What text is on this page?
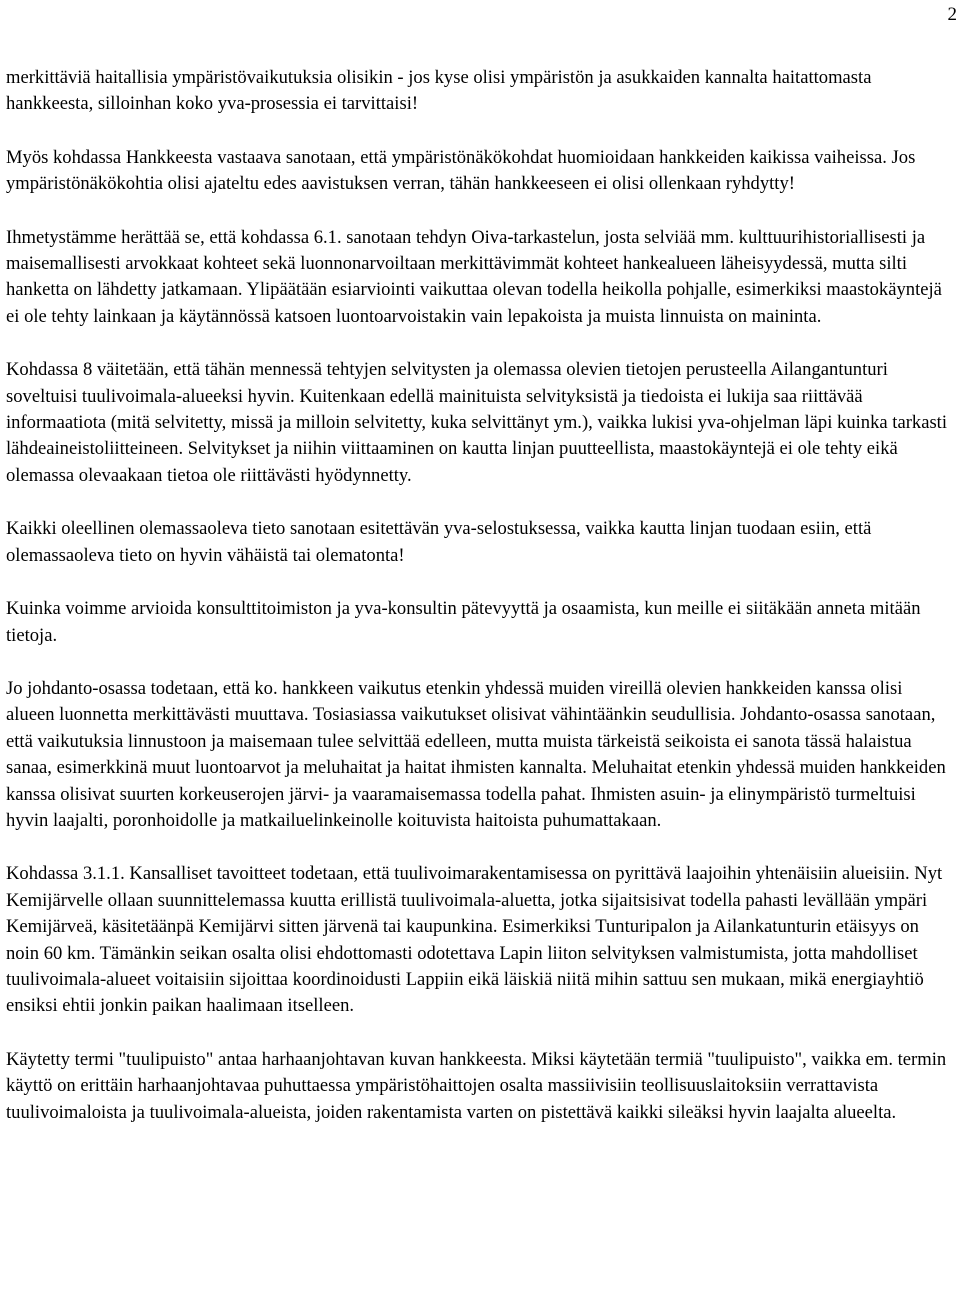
2

merkittäviä haitallisia ympäristövaikutuksia olisikin - jos kyse olisi ympäristön ja asukkaiden kannalta haitattomasta hankkeesta, silloinhan koko yva-prosessia ei tarvittaisi!

Myös kohdassa Hankkeesta vastaava sanotaan, että ympäristönäkökohdat huomioidaan hankkeiden kaikissa vaiheissa. Jos ympäristönäkökohtia olisi ajateltu edes aavistuksen verran, tähän hankkeeseen ei olisi ollenkaan ryhdytty!

Ihmetystämme herättää se, että kohdassa 6.1. sanotaan tehdyn Oiva-tarkastelun, josta selviää mm. kulttuurihistoriallisesti ja maisemallisesti arvokkaat kohteet sekä luonnonarvoiltaan merkittävimmät kohteet hankealueen läheisyydessä, mutta silti hanketta on lähdetty jatkamaan. Ylipäätään esiarviointi vaikuttaa olevan todella heikolla pohjalle, esimerkiksi maastokäyntejä ei ole tehty lainkaan ja käytännössä katsoen luontoarvoistakin vain lepakoista ja muista linnuista on maininta.

Kohdassa 8 väitetään, että tähän mennessä tehtyjen selvitysten ja olemassa olevien tietojen perusteella Ailangantunturi soveltuisi tuulivoimala-alueeksi hyvin. Kuitenkaan edellä mainituista selvityksistä ja tiedoista ei lukija saa riittävää informaatiota (mitä selvitetty, missä ja milloin selvitetty, kuka selvittänyt ym.), vaikka lukisi yva-ohjelman läpi kuinka tarkasti lähdeaineistoliitteineen. Selvitykset ja niihin viittaaminen on kautta linjan puutteellista, maastokäyntejä ei ole tehty eikä olemassa olevaakaan tietoa ole riittävästi hyödynnetty.

Kaikki oleellinen olemassaoleva tieto sanotaan esitettävän yva-selostuksessa, vaikka kautta linjan tuodaan esiin, että olemassaoleva tieto on hyvin vähäistä tai olematonta!

Kuinka voimme arvioida konsulttitoimiston ja yva-konsultin pätevyyttä ja osaamista, kun meille ei siitäkään anneta mitään tietoja.

Jo johdanto-osassa todetaan, että ko. hankkeen vaikutus etenkin yhdessä muiden vireillä olevien hankkeiden kanssa olisi alueen luonnetta merkittävästi muuttava. Tosiasiassa vaikutukset olisivat vähintäänkin seudullisia. Johdanto-osassa sanotaan, että vaikutuksia linnustoon ja maisemaan tulee selvittää edelleen, mutta muista tärkeistä seikoista ei sanota tässä halaistua sanaa, esimerkkinä muut luontoarvot ja meluhaitat ja haitat ihmisten kannalta. Meluhaitat etenkin yhdessä muiden hankkeiden kanssa olisivat suurten korkeuserojen järvi- ja vaaramaisemassa todella pahat. Ihmisten asuin- ja elinympäristö turmeltuisi hyvin laajalti, poronhoidolle ja matkailuelinkeinolle koituvista haitoista puhumattakaan.

Kohdassa 3.1.1. Kansalliset tavoitteet todetaan, että tuulivoimarakentamisessa on pyrittävä laajoihin yhtenäisiin alueisiin. Nyt Kemijärvelle ollaan suunnittelemassa kuutta erillistä tuulivoimala-aluetta, jotka sijaitsisivat todella pahasti levällään ympäri Kemijärveä, käsitetäänpä Kemijärvi sitten järvenä tai kaupunkina. Esimerkiksi Tunturipalon ja Ailankatunturin etäisyys on noin 60 km. Tämänkin seikan osalta olisi ehdottomasti odotettava Lapin liiton selvityksen valmistumista, jotta mahdolliset tuulivoimala-alueet voitaisiin sijoittaa koordinoidusti Lappiin eikä läiskiä niitä mihin sattuu sen mukaan, mikä energiayhtiö ensiksi ehtii jonkin paikan haalimaan itselleen.

Käytetty termi "tuulipuisto" antaa harhaanjohtavan kuvan hankkeesta. Miksi käytetään termiä "tuulipuisto", vaikka em. termin käyttö on erittäin harhaanjohtavaa puhuttaessa ympäristöhaittojen osalta massiivisiin teollisuuslaitoksiin verrattavista tuulivoimaloista ja tuulivoimala-alueista, joiden rakentamista varten on pistettävä kaikki sileäksi hyvin laajalta alueelta.
